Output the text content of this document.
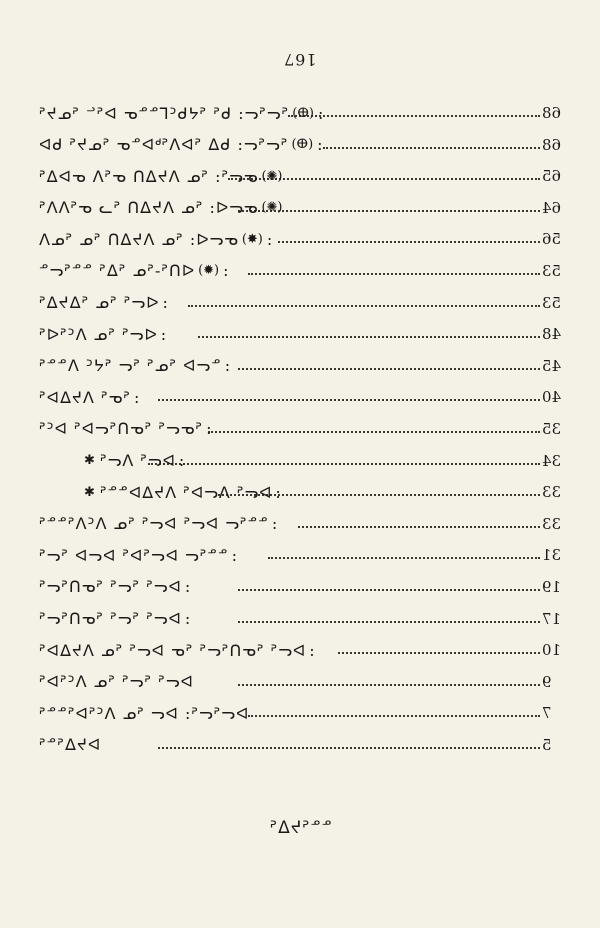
167
68
ᕐᓕᕐᓕ: ᑲᕐ ᕐᔪᑲᑦᒥᓐᓐᓂ ᐅᕐᓪ ᕐᓇᔭᕐ (ⴲ) :
68
ᕐᓕᕐᓕ: ᑲᐃ ᕐᐅᐱᖅᐅᓐᓂ ᕐᓇᔭᕐ ᑲᐅ (ⴲ) :
65
ᓂᓕᕐ: ᕐᓇ ᐱᔭᐃᑎ ᓂᕐᐱ ᓂᐅᐃᕐ (✺)
64
ᓂᓕᐊ: ᕐᓇ ᐱᔭᐃᑎ ᕐᓗ ᓂᕐᐱᐱᕐ (✺)
56
ᓂᓕᐊ: ᕐᓇ ᐱᔭᐃᑎ ᕐᓇ ᕐᓇᐱ (✸) :
53
ᐊᑎᕐ-ᕐᓇ ᕐᐃᕐ ᓐᓐᕐᓕᓐ (✹) :
53
ᐊᓕᕐ ᕐᓇ ᕐᐃᔭᐃᕐ :
48
ᐊᓕᕐ ᕐᓇ ᐱᑦᕐᐊᕐ :
45
ᓐᓕᐅ ᕐᓇᕐ ᕐᓕ ᕐᔪᑦ ᐱᓐᓐᕐ :
40
ᕐᓂᕐ ᐱᔭᐃᐅᕐ :
35
ᕐᓂᓕᕐ ᕐᓂᑎᕐᓕᐅᕐ ᐅᑦᕐ :
34
✱ ᐅᓕᕐ ᐱᓕᕐ :
33
✱ ᐅᓕᕐ ᐱᓕᐅᕐ ᐱᔭᐃᐅᓐᓐᕐ :
33
ᓐᓐᕐᓕ ᐅᓕᕐ ᐅᓕᕐ ᕐᓇ ᐱᑦᐱᕐᓐᓐᕐ :
31
ᓐᓐᕐᓕ ᐅᓕᕐᐅᕐ ᐅᓕᐅ ᕐᓕᕐ :
19
ᐅᓕᕐ ᕐᓕᕐ ᕐᓂᑎᕐᓕᕐ :
17
ᐅᓕᕐ ᕐᓕᕐ ᕐᓂᑎᕐᓕᕐ :
10
ᐅᓕᕐ ᕐᓂᑎᕐᓕᕐ ᕐᓂ ᐅᓕᕐ ᕐᓇ ᐱᔭᐃᐅᕐ :
9
ᐅᓕᕐ ᕐᓕᕐ ᕐᓇ ᐱᑦᕐᐅᕐ
7
ᐅᓕᕐᓕᕐ: ᐅᓕ ᕐᓇ ᐱᑦᕐᐅᕐᓐᓐᕐ
5
ᐅᔭᐃᕐᓐᕐ
ᓐᓐᕐᔭᐃᕐ
